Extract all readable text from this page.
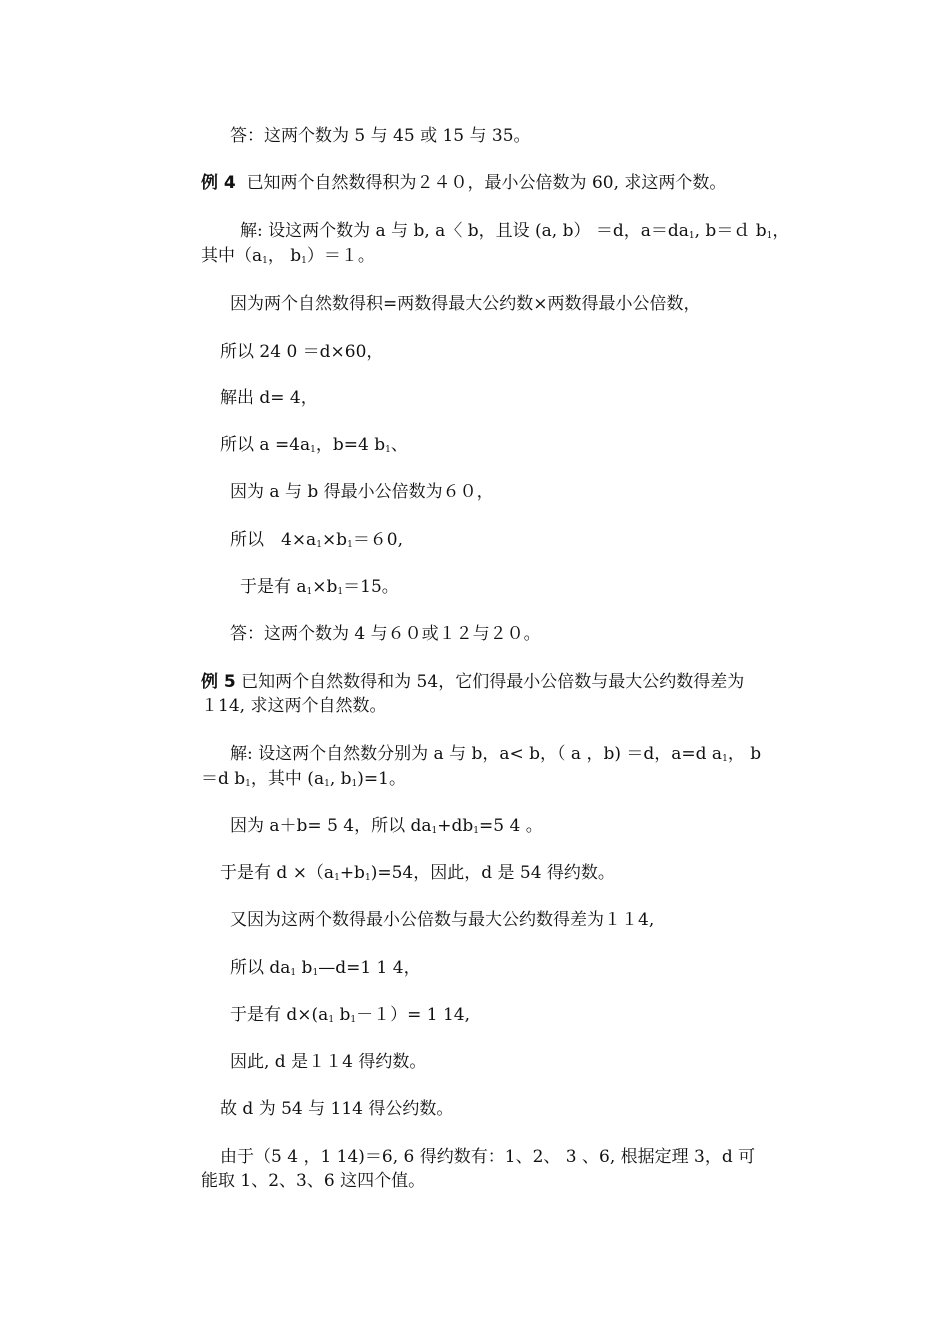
答：这两个数为 5 与 45 或 15 与 35。
例 4 已知两个自然数得积为２４０，最小公倍数为 60, 求这两个数。
解: 设这两个数为 a 与 b, a〈 b，且设 (a, b） ＝d，$a=da_1$, b＝ｄ $b_1$，
其中（$a_1$， $b_1)=1$。
因为两个自然数得积=两数得最大公约数×两数得最小公倍数，
所以 24 0 ＝d×60，
解出 d= 4，
所以 $a =4a_1$，b=4 $b_1$、
因为 a 与 b 得最小公倍数为６０，
所以　$4\times a_1\times b_1=60$,
于是有 $a_1\times b_1=15$。
答：这两个数为 4 与６０或１２与２０。
例 5 已知两个自然数得和为 54，它们得最小公倍数与最大公约数得差为
１14, 求这两个自然数。
解: 设这两个自然数分别为 a 与 b，a< b，（ a ，b) ＝d，a=d $a_1$， b
＝d $b_1$，其中 ($a_1$, $b_1)=1$。
因为 a＋b= 5 4，所以 $da_1+db_1=5$ 4 。
于是有 $d \times(a_1+b_1)=54$，因此，d 是 54 得约数。
又因为这两个数得最小公倍数与最大公约数得差为１１4,
所以 $da_1$ $b_1—d=1$ 1 4，
于是有 $d\times(a_1$ $b_1-1)= 1$ 14,
因此, d 是１１4 得约数。
故 d 为 54 与 114 得公约数。
由于（5 4 ，1 14)＝6, 6 得约数有：1、2、 3 、6, 根据定理 3，d 可
能取 1、2、3、6 这四个值。
